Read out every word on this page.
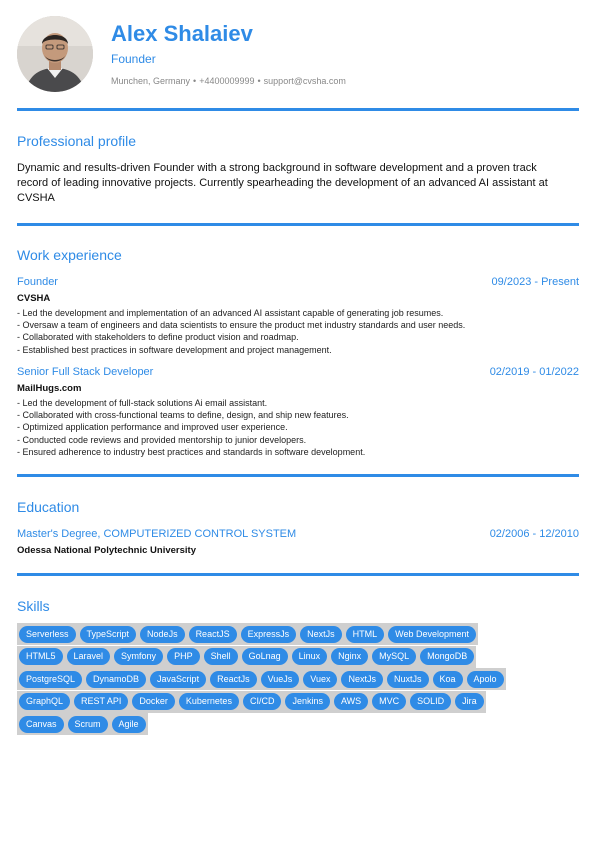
Alex Shalaiev
Founder
Munchen, Germany • +4400009999 • support@cvsha.com
Professional profile
Dynamic and results-driven Founder with a strong background in software development and a proven track record of leading innovative projects. Currently spearheading the development of an advanced AI assistant at CVSHA
Work experience
Founder	09/2023 - Present
CVSHA
- Led the development and implementation of an advanced AI assistant capable of generating job resumes.
- Oversaw a team of engineers and data scientists to ensure the product met industry standards and user needs.
- Collaborated with stakeholders to define product vision and roadmap.
- Established best practices in software development and project management.
Senior Full Stack Developer	02/2019 - 01/2022
MailHugs.com
- Led the development of full-stack solutions Ai email assistant.
- Collaborated with cross-functional teams to define, design, and ship new features.
- Optimized application performance and improved user experience.
- Conducted code reviews and provided mentorship to junior developers.
- Ensured adherence to industry best practices and standards in software development.
Education
Master's Degree, COMPUTERIZED CONTROL SYSTEM	02/2006 - 12/2010
Odessa National Polytechnic University
Skills
Serverless	TypeScript	NodeJs	ReactJS	ExpressJs	NextJs	HTML	Web Development
HTML5	Laravel	Symfony	PHP	Shell	GoLnag	Linux	Nginx	MySQL	MongoDB
PostgreSQL	DynamoDB	JavaScript	ReactJs	VueJs	Vuex	NextJs	NuxtJs	Koa	Apolo
GraphQL	REST API	Docker	Kubernetes	CI/CD	Jenkins	AWS	MVC	SOLID	Jira
Canvas	Scrum	Agile
